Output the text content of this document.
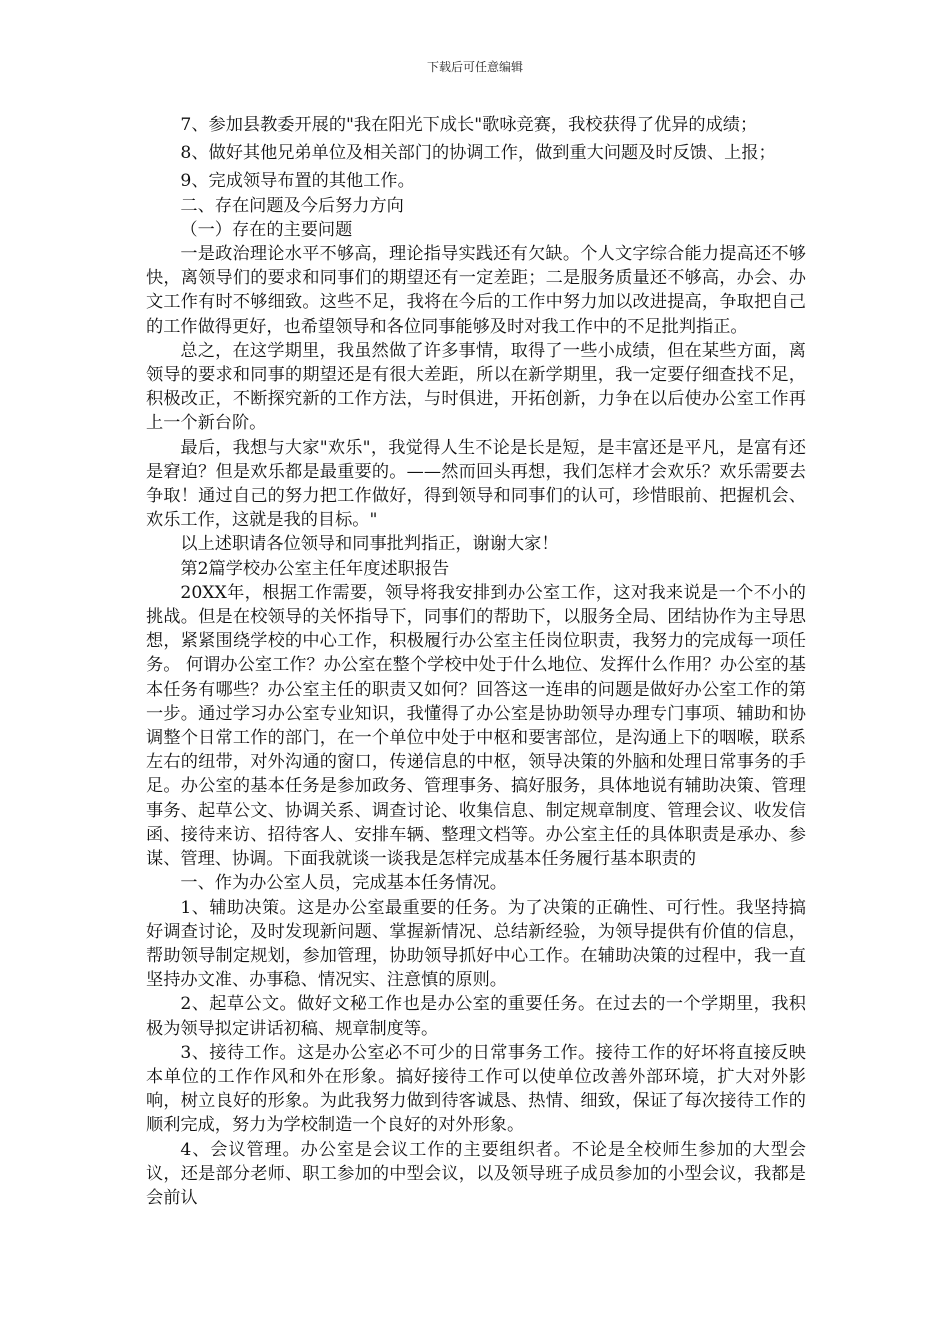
下载后可任意编辑

7、参加县教委开展的"我在阳光下成长"歌咏竞赛，我校获得了优异的成绩；

8、做好其他兄弟单位及相关部门的协调工作，做到重大问题及时反馈、上报；

9、完成领导布置的其他工作。

二、存在问题及今后努力方向

（一）存在的主要问题

一是政治理论水平不够高，理论指导实践还有欠缺。个人文字综合能力提高还不够快，离领导们的要求和同事们的期望还有一定差距；二是服务质量还不够高，办会、办文工作有时不够细致。这些不足，我将在今后的工作中努力加以改进提高，争取把自己的工作做得更好，也希望领导和各位同事能够及时对我工作中的不足批判指正。

总之，在这学期里，我虽然做了许多事情，取得了一些小成绩，但在某些方面，离领导的要求和同事的期望还是有很大差距，所以在新学期里，我一定要仔细查找不足，积极改正，不断探究新的工作方法，与时俱进，开拓创新，力争在以后使办公室工作再上一个新台阶。

最后，我想与大家"欢乐"，我觉得人生不论是长是短，是丰富还是平凡，是富有还是窘迫？但是欢乐都是最重要的。——然而回头再想，我们怎样才会欢乐？欢乐需要去争取！通过自己的努力把工作做好，得到领导和同事们的认可，珍惜眼前、把握机会、欢乐工作，这就是我的目标。"

以上述职请各位领导和同事批判指正，谢谢大家！

第2篇学校办公室主任年度述职报告

20XX年，根据工作需要，领导将我安排到办公室工作，这对我来说是一个不小的挑战。但是在校领导的关怀指导下，同事们的帮助下，以服务全局、团结协作为主导思想，紧紧围绕学校的中心工作，积极履行办公室主任岗位职责，我努力的完成每一项任务。 何谓办公室工作？办公室在整个学校中处于什么地位、发挥什么作用？办公室的基本任务有哪些？办公室主任的职责又如何？回答这一连串的问题是做好办公室工作的第一步。通过学习办公室专业知识，我懂得了办公室是协助领导办理专门事项、辅助和协调整个日常工作的部门，在一个单位中处于中枢和要害部位，是沟通上下的咽喉，联系左右的纽带，对外沟通的窗口，传递信息的中枢，领导决策的外脑和处理日常事务的手足。办公室的基本任务是参加政务、管理事务、搞好服务，具体地说有辅助决策、管理事务、起草公文、协调关系、调查讨论、收集信息、制定规章制度、管理会议、收发信函、接待来访、招待客人、安排车辆、整理文档等。办公室主任的具体职责是承办、参谋、管理、协调。下面我就谈一谈我是怎样完成基本任务履行基本职责的

一、作为办公室人员，完成基本任务情况。

1、辅助决策。这是办公室最重要的任务。为了决策的正确性、可行性。我坚持搞好调查讨论，及时发现新问题、掌握新情况、总结新经验，为领导提供有价值的信息，帮助领导制定规划，参加管理，协助领导抓好中心工作。在辅助决策的过程中，我一直坚持办文准、办事稳、情况实、注意慎的原则。

2、起草公文。做好文秘工作也是办公室的重要任务。在过去的一个学期里，我积极为领导拟定讲话初稿、规章制度等。

3、接待工作。这是办公室必不可少的日常事务工作。接待工作的好坏将直接反映本单位的工作作风和外在形象。搞好接待工作可以使单位改善外部环境，扩大对外影响，树立良好的形象。为此我努力做到待客诚恳、热情、细致，保证了每次接待工作的顺利完成，努力为学校制造一个良好的对外形象。

4、会议管理。办公室是会议工作的主要组织者。不论是全校师生参加的大型会议，还是部分老师、职工参加的中型会议，以及领导班子成员参加的小型会议，我都是会前认
